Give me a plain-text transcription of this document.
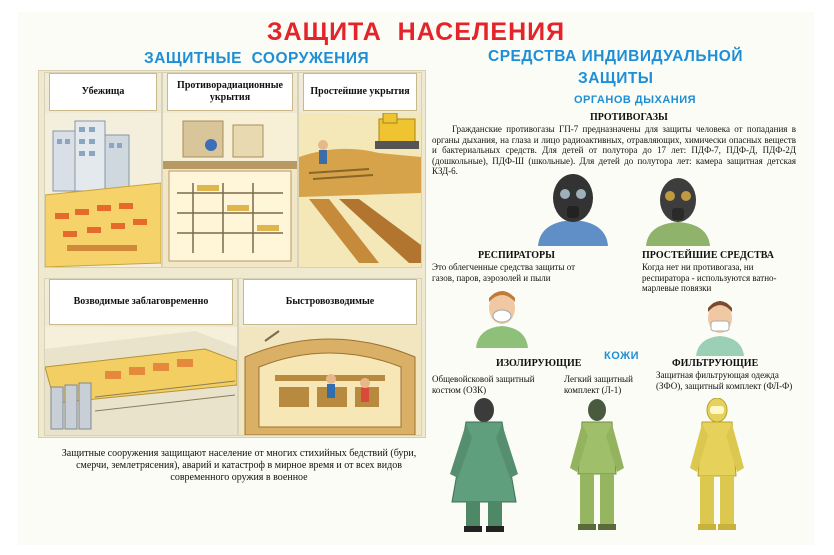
ЗАЩИТА  НАСЕЛЕНИЯ
ЗАЩИТНЫЕ  СООРУЖЕНИЯ
Убежища
Противорадиационные укрытия
Простейшие укрытия
Возводимые заблаговременно	Быстровозводимые
Защитные сооружения защищают население от многих стихийных бедствий (бури, смерчи, землетрясения), аварий и катастроф в мирное время и от всех видов современного оружия в военное
СРЕДСТВА ИНДИВИДУАЛЬНОЙ
ЗАЩИТЫ
ОРГАНОВ ДЫХАНИЯ
ПРОТИВОГАЗЫ
Гражданские противогазы ГП-7 предназначены для защиты человека от попадания в органы дыхания, на глаза и лицо радиоактивных, отравляющих, химически опасных веществ и бактериальных средств. Для детей от полутора до 17 лет: ПДФ-7, ПДФ-Д, ПДФ-2Д (дошкольные), ПДФ-Ш (школьные). Для детей до полутора лет: камера защитная детская КЗД-6.
РЕСПИРАТОРЫ
Это облегченные средства защиты от газов, паров, аэрозолей и пыли
ПРОСТЕЙШИЕ СРЕДСТВА
Когда нет ни противогаза, ни респиратора - используются ватно-марлевые повязки
КОЖИ
ИЗОЛИРУЮЩИЕ	ФИЛЬТРУЮЩИЕ
Общевойсковой защитный костюм (ОЗК)
Легкий защитный комплект (Л-1)
Защитная фильтрующая одежда (ЗФО), защитный комплект (ФЛ-Ф)
